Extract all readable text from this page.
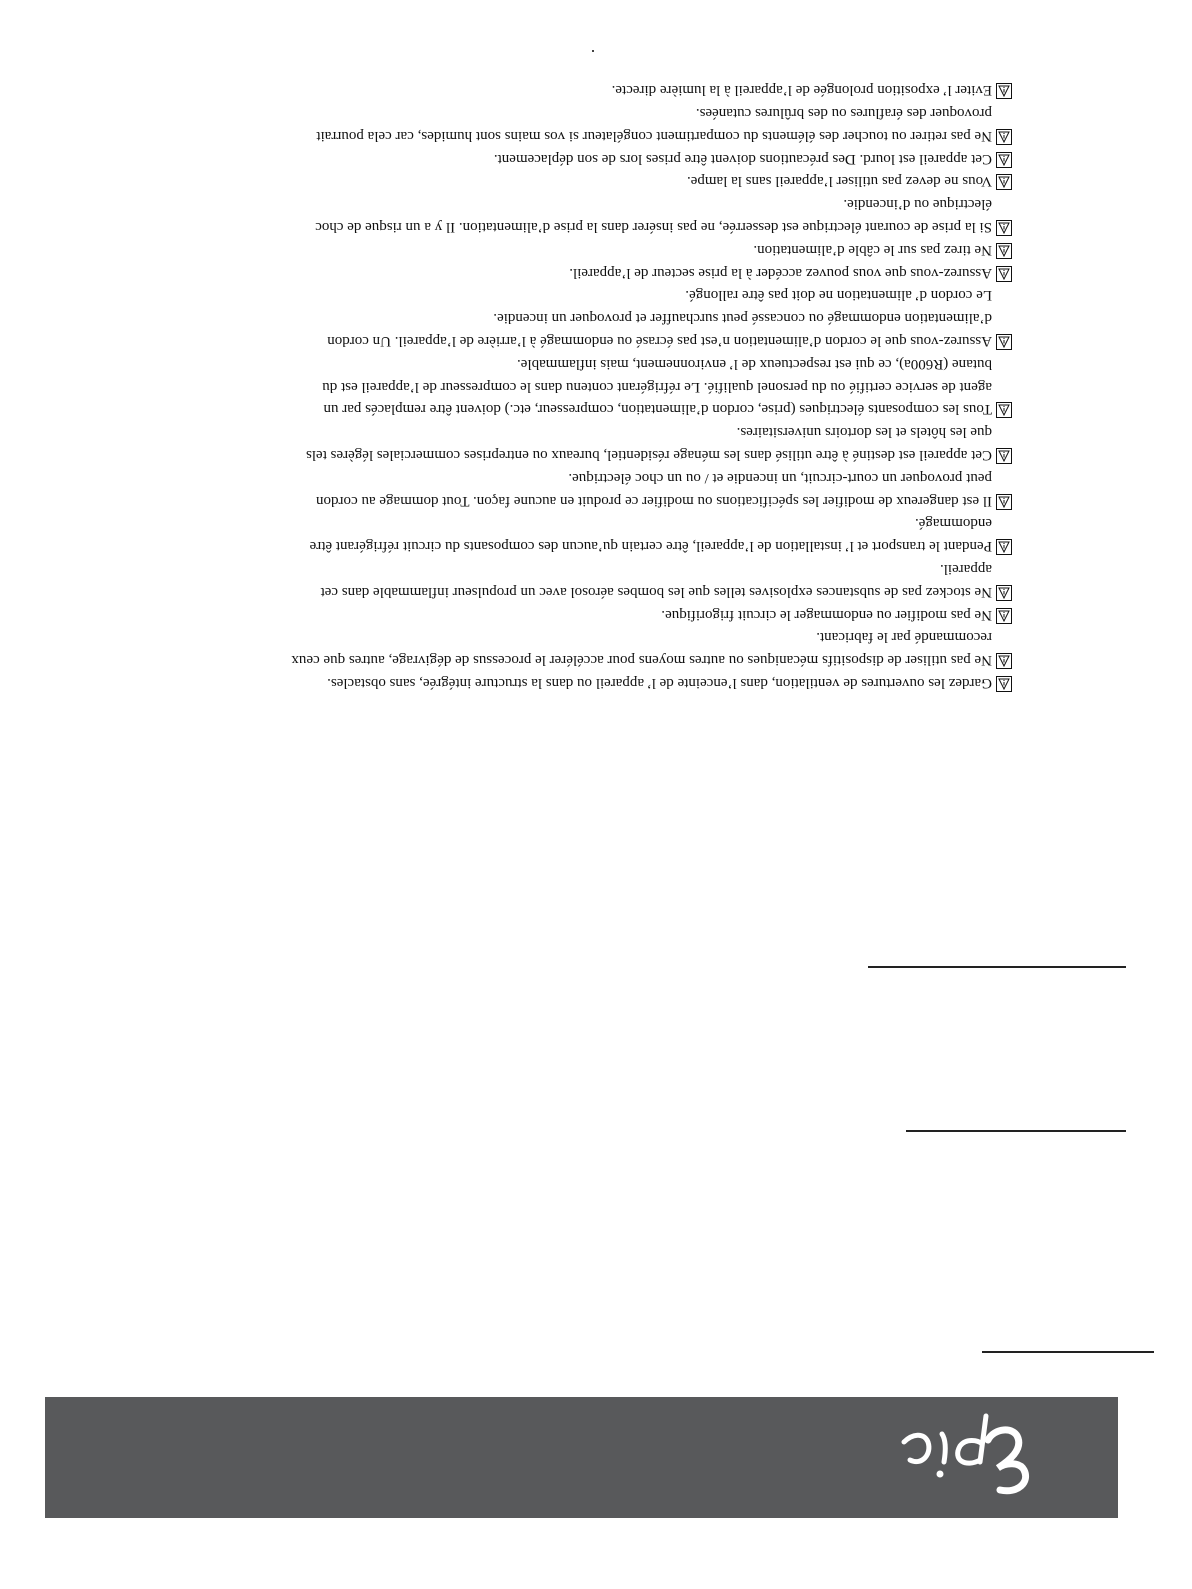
Gardez les ouvertures de ventilation, dans l’enceinte de l’ appareil ou dans la structure intégrée, sans obstacles.
Ne pas utiliser de dispositifs mécaniques ou autres moyens pour accélérer le processus de dégivrage, autres que ceux
recommandé par le fabricant.
Ne pas modifier ou endommager le circuit frigorifique.
Ne stockez pas de substances explosives telles que les bombes aérosol avec un propulseur inflammable dans cet
appareil.
Pendant le transport et l’ installation de l’appareil, être certain qu’aucun des composants du circuit réfrigérant être
endommagé.
Il est dangereux de modifier les spécifications ou modifier ce produit en aucune façon. Tout dommage au cordon
peut provoquer un court-circuit, un incendie et / ou un choc électrique.
Cet appareil est destiné à être utilisé dans les ménage résidentiel, bureaux ou entreprises commerciales légères tels
que les hôtels et les dortoirs universitaires.
Tous les composants électriques (prise, cordon d’alimentation, compresseur, etc.) doivent être remplacés par un
agent de service certifié ou du personel qualifié. Le réfrigérant contenu dans le compresseur de l’appareil est du
butane (R600a), ce qui est respectueux de l’ environnement, mais inflammable.
Assurez-vous que le cordon d’alimentation n’est pas écrasé ou endommagé à l’arrière de l’appareil. Un cordon
d’alimentation endommagé ou concassé peut surchauffer et provoquer un incendie.
Le cordon d’ alimentation ne doit pas être rallongé.
Assurez-vous que vous pouvez accéder à la prise secteur de l’appareil.
Ne tirez pas sur le câble d’alimentation.
Si la prise de courant électrique est desserrée, ne pas insérer dans la prise d’alimentation. Il y a un risque de choc
électrique ou d’incendie.
Vous ne devez pas utiliser l’appareil sans la lampe.
Cet appareil est lourd. Des précautions doivent être prises lors de son déplacement.
Ne pas retirer ou toucher des éléments du compartiment congélateur si vos mains sont humides, car cela pourrait
provoquer des éraflures ou des brûlures cutanées.
Eviter l’ exposition prolongée de l’appareil à la lumière directe.
